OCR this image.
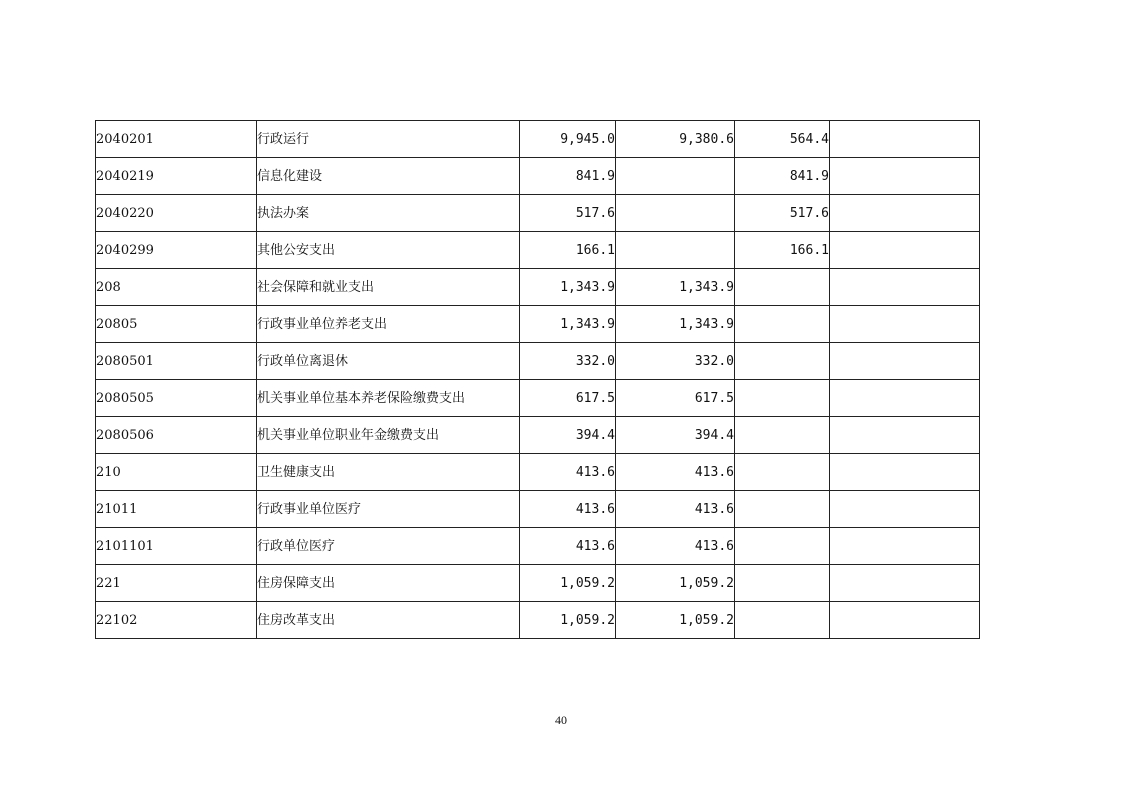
2040201	行政运行	9,945.0	9,380.6	564.4	
2040219	信息化建设	841.9		841.9	
2040220	执法办案	517.6		517.6	
2040299	其他公安支出	166.1		166.1	
208	社会保障和就业支出	1,343.9	1,343.9		
20805	行政事业单位养老支出	1,343.9	1,343.9		
2080501	行政单位离退休	332.0	332.0		
2080505	机关事业单位基本养老保险缴费支出	617.5	617.5		
2080506	机关事业单位职业年金缴费支出	394.4	394.4		
210	卫生健康支出	413.6	413.6		
21011	行政事业单位医疗	413.6	413.6		
2101101	行政单位医疗	413.6	413.6		
221	住房保障支出	1,059.2	1,059.2		
22102	住房改革支出	1,059.2	1,059.2		
40
